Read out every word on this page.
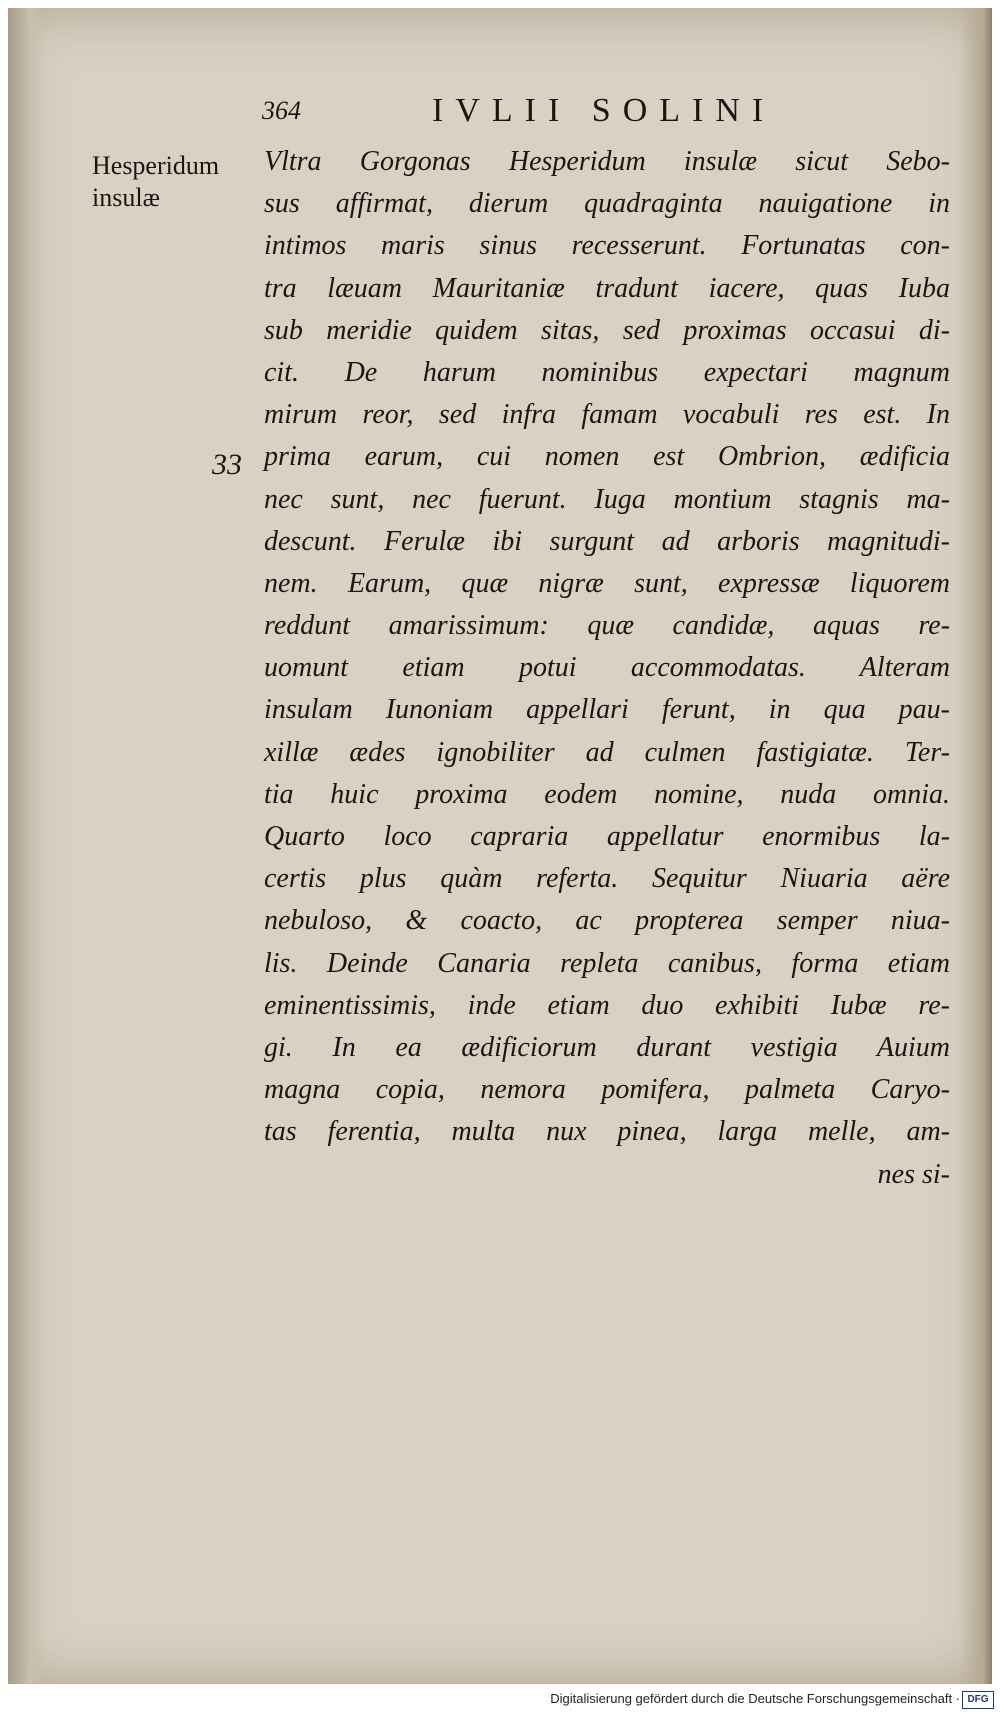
364	IVLII SOLINI
Hesperidum
insulæ
33
Vltra Gorgonas Hesperidum insulæ sicut Sebo-
sus affirmat, dierum quadraginta nauigatione in
intimos maris sinus recesserunt. Fortunatas con-
tra læuam Mauritaniæ tradunt iacere, quas Iuba
sub meridie quidem sitas, sed proximas occasui di-
cit. De harum nominibus expectari magnum
mirum reor, sed infra famam vocabuli res est. In
prima earum, cui nomen est Ombrion, ædificia
nec sunt, nec fuerunt. Iuga montium stagnis ma-
descunt. Ferulæ ibi surgunt ad arboris magnitudi-
nem. Earum, quæ nigræ sunt, expressæ liquorem
reddunt amarissimum: quæ candidæ, aquas re-
uomunt etiam potui accommodatas. Alteram
insulam Iunoniam appellari ferunt, in qua pau-
xillæ ædes ignobiliter ad culmen fastigiatæ. Ter-
tia huic proxima eodem nomine, nuda omnia.
Quarto loco capraria appellatur enormibus la-
certis plus quàm referta. Sequitur Niuaria aëre
nebuloso, & coacto, ac propterea semper niua-
lis. Deinde Canaria repleta canibus, forma etiam
eminentissimis, inde etiam duo exhibiti Iubæ re-
gi. In ea ædificiorum durant vestigia Auium
magna copia, nemora pomifera, palmeta Caryo-
tas ferentia, multa nux pinea, larga melle, am-
nes si-
Digitalisierung gefördert durch die Deutsche Forschungsgemeinschaft · DFG
